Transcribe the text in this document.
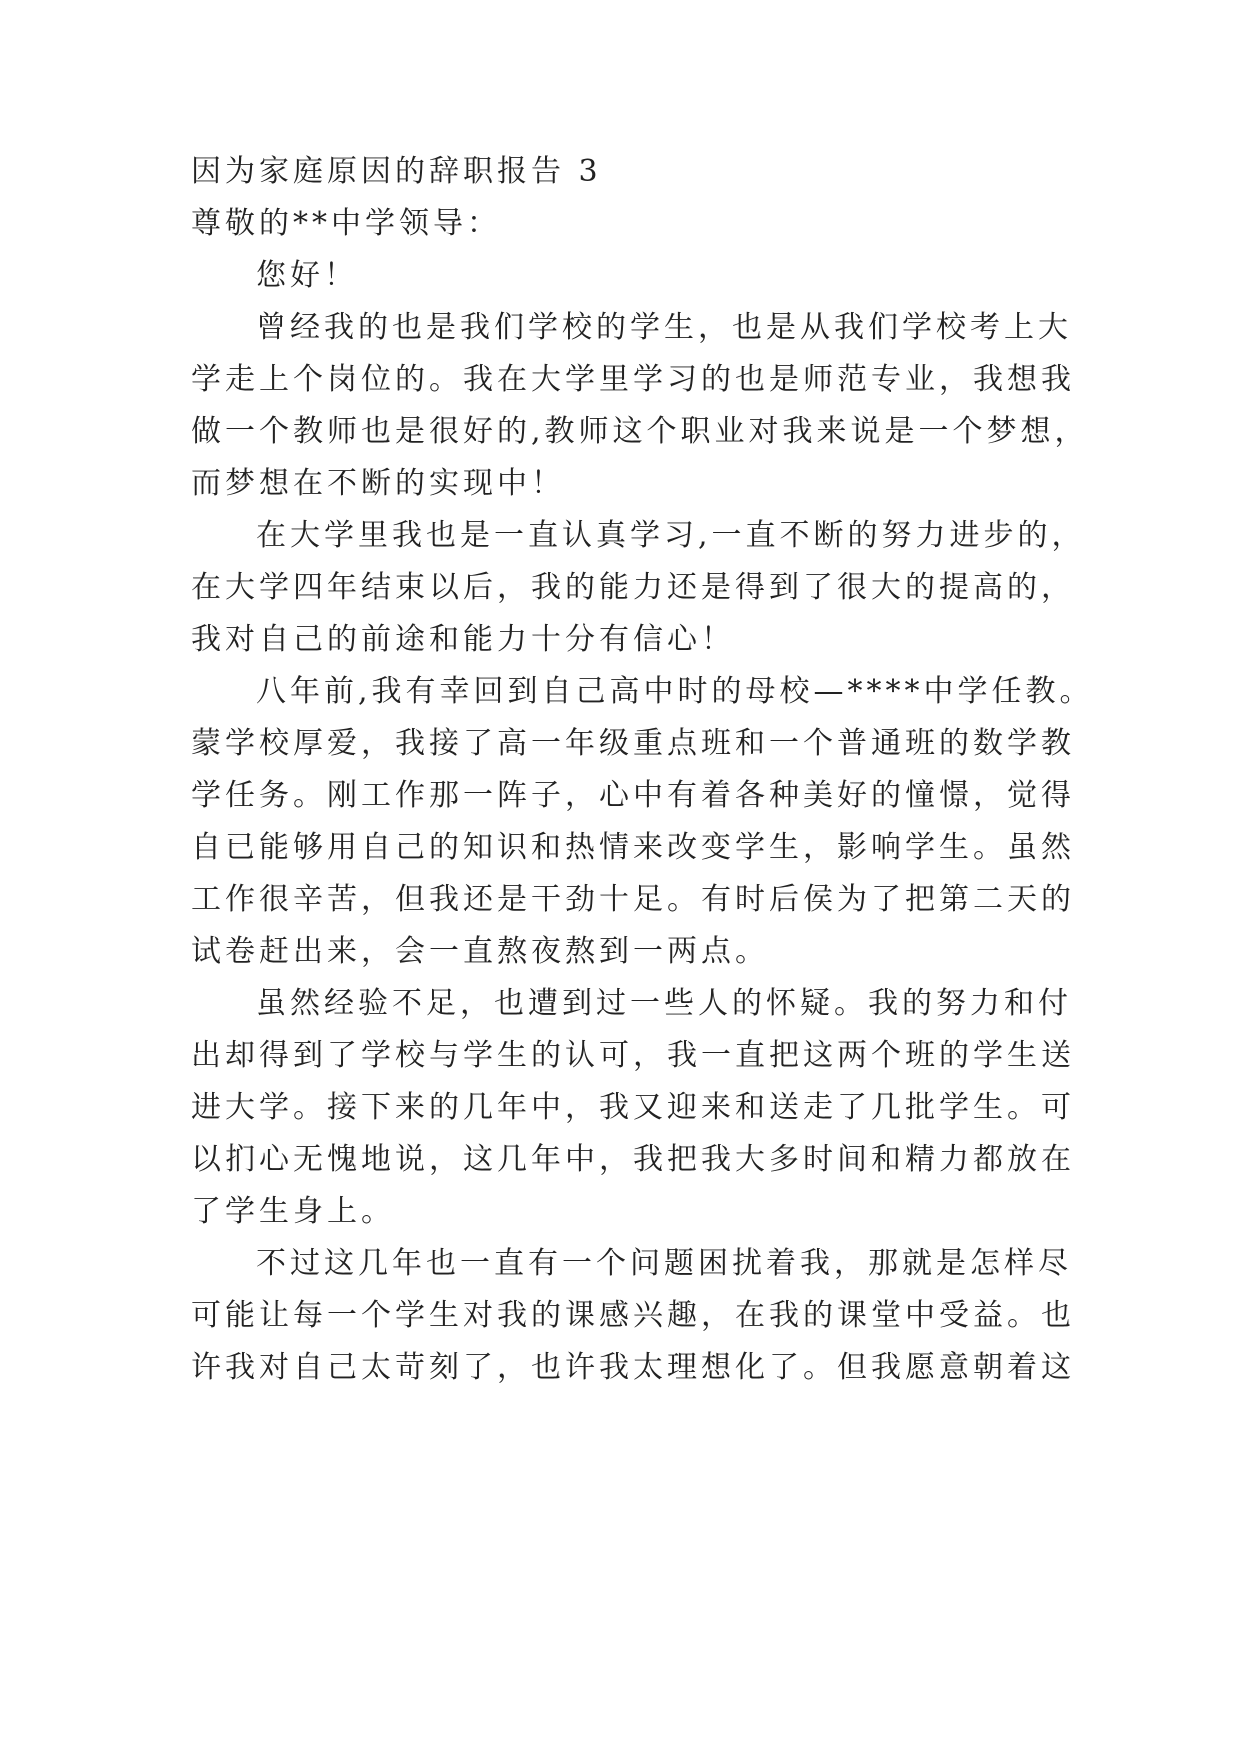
因为家庭原因的辞职报告 3
尊敬的**中学领导：
您好！
曾经我的也是我们学校的学生，也是从我们学校考上大
学走上个岗位的。我在大学里学习的也是师范专业，我想我
做一个教师也是很好的,教师这个职业对我来说是一个梦想，
而梦想在不断的实现中！
在大学里我也是一直认真学习,一直不断的努力进步的，
在大学四年结束以后，我的能力还是得到了很大的提高的，
我对自己的前途和能力十分有信心！
八年前,我有幸回到自己高中时的母校—****中学任教。
蒙学校厚爱，我接了高一年级重点班和一个普通班的数学教
学任务。刚工作那一阵子，心中有着各种美好的憧憬，觉得
自已能够用自己的知识和热情来改变学生，影响学生。虽然
工作很辛苦，但我还是干劲十足。有时后侯为了把第二天的
试卷赶出来，会一直熬夜熬到一两点。
虽然经验不足，也遭到过一些人的怀疑。我的努力和付
出却得到了学校与学生的认可，我一直把这两个班的学生送
进大学。接下来的几年中，我又迎来和送走了几批学生。可
以扪心无愧地说，这几年中，我把我大多时间和精力都放在
了学生身上。
不过这几年也一直有一个问题困扰着我，那就是怎样尽
可能让每一个学生对我的课感兴趣，在我的课堂中受益。也
许我对自己太苛刻了，也许我太理想化了。但我愿意朝着这
